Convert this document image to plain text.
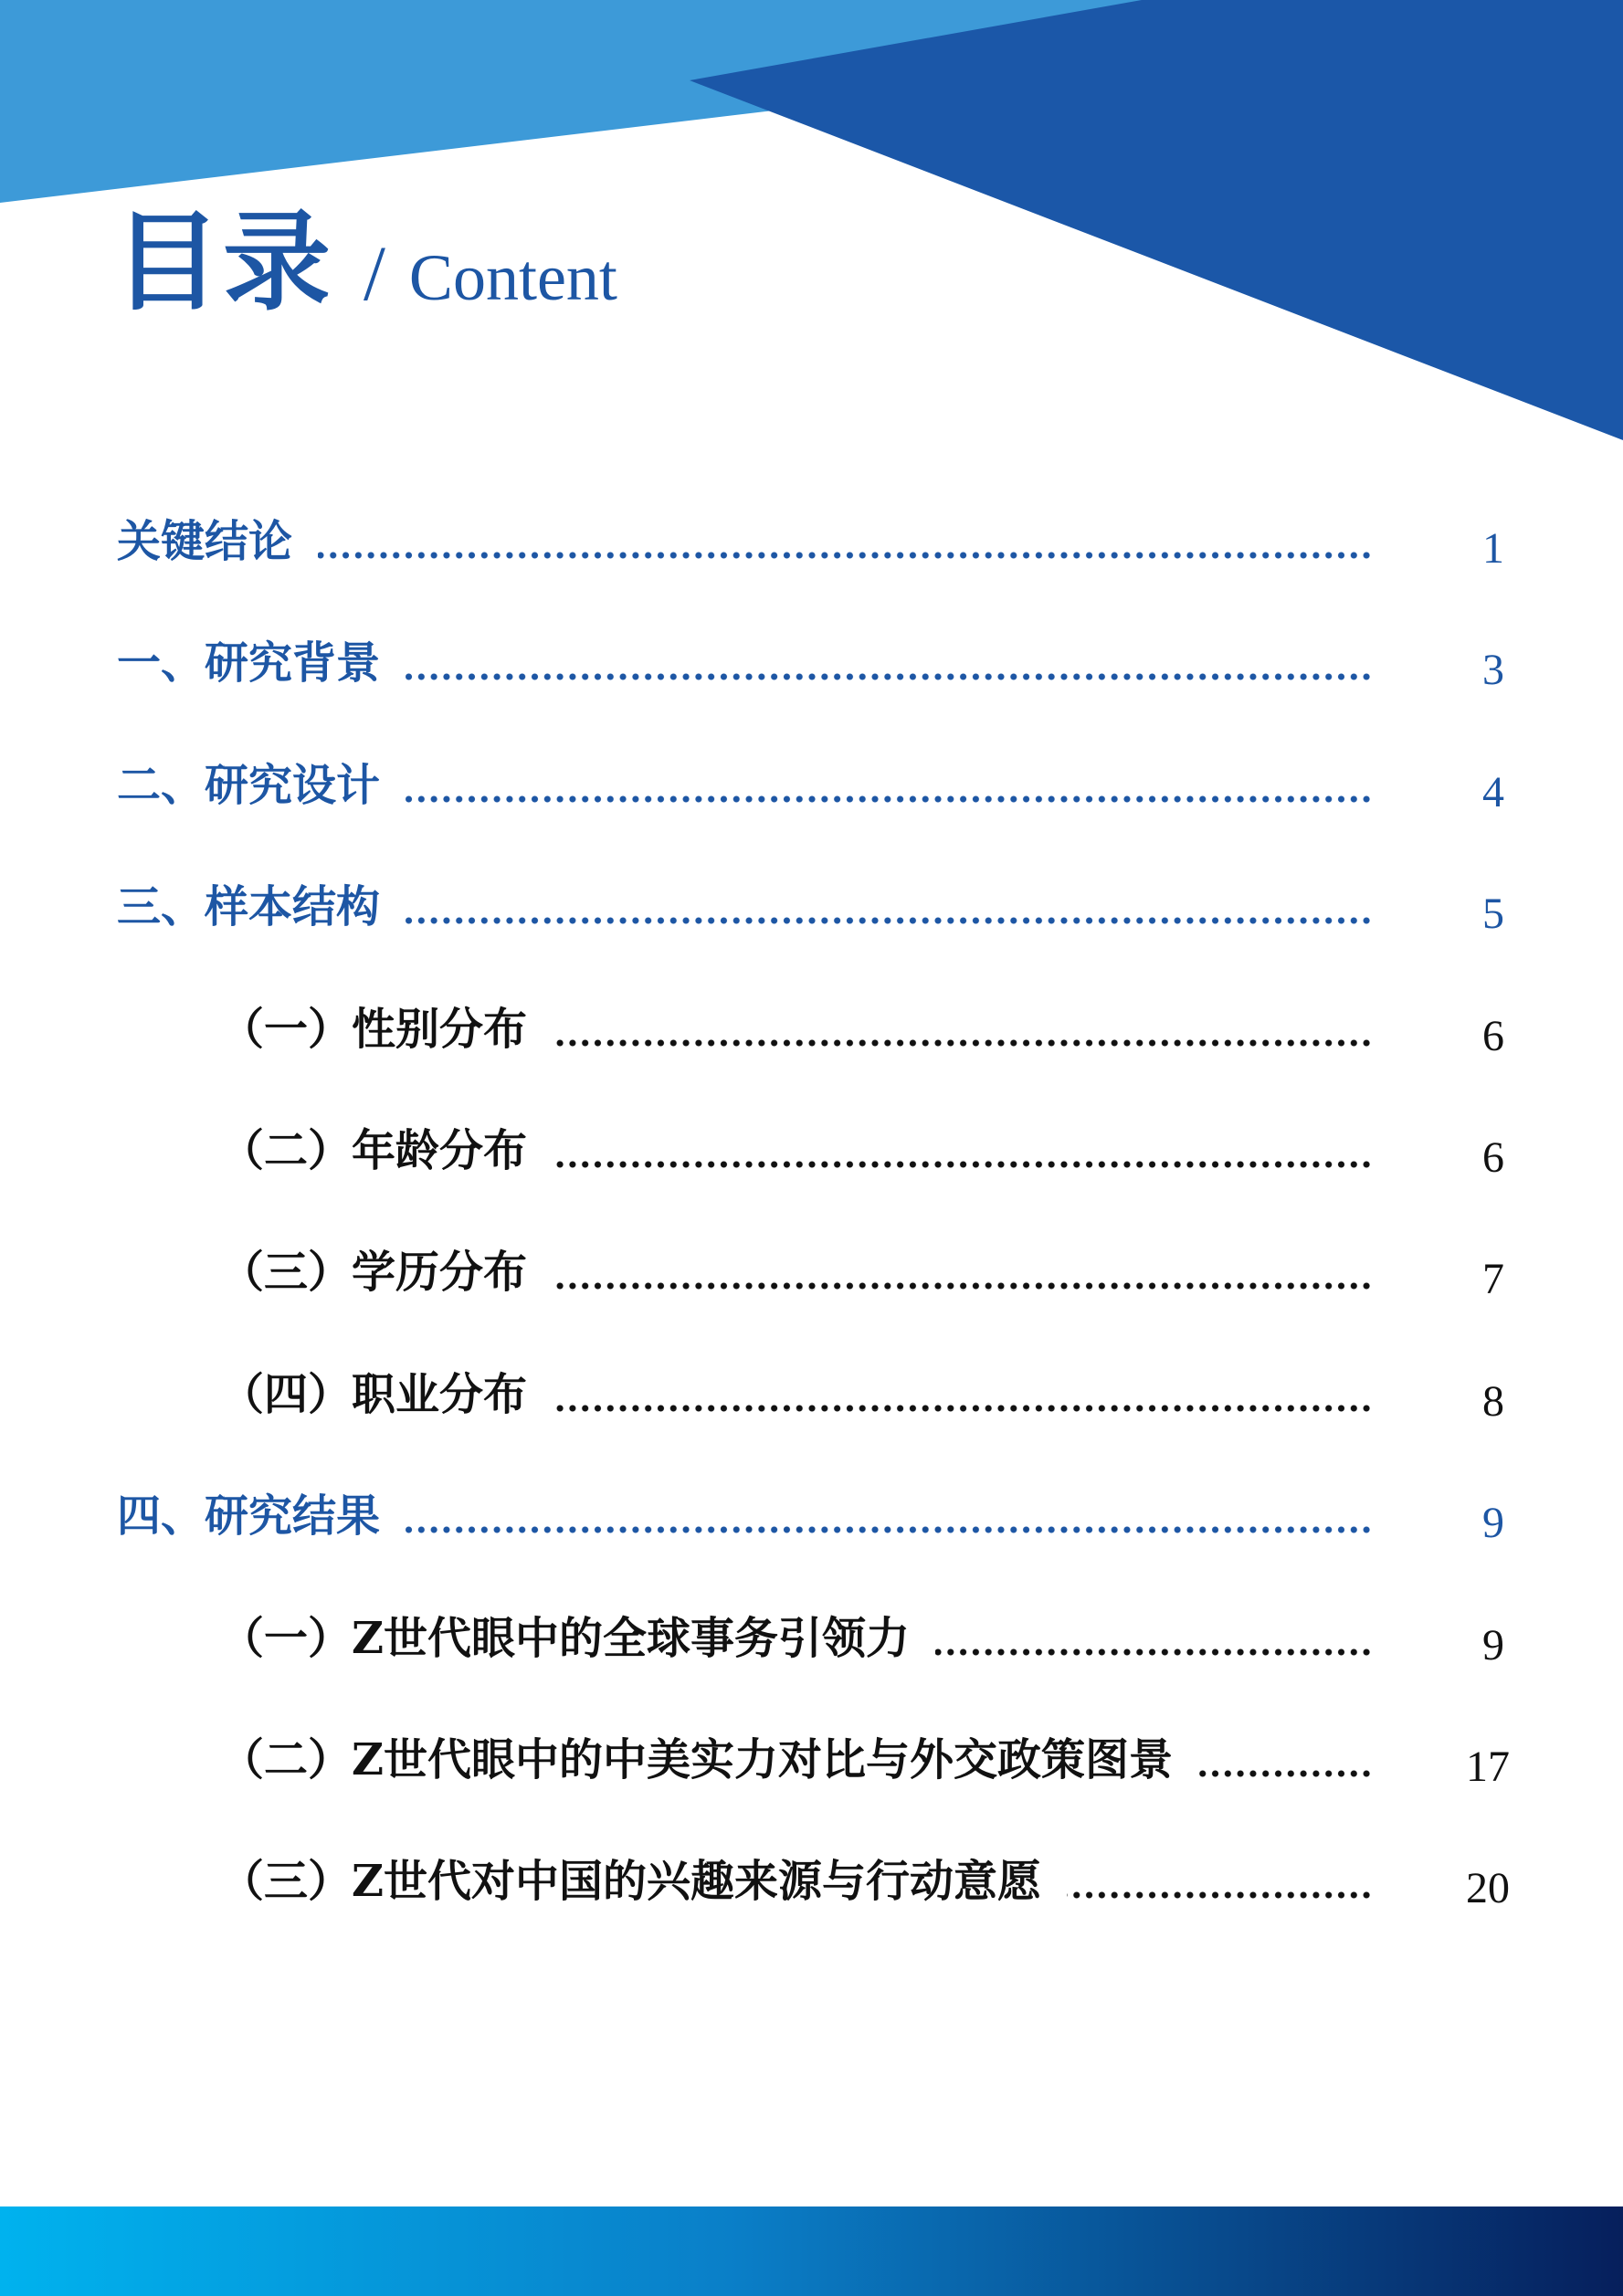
目录 / Content
关键结论	1
一、研究背景	3
二、研究设计	4
三、样本结构	5
（一）性别分布	6
（二）年龄分布	6
（三）学历分布	7
（四）职业分布	8
四、研究结果	9
（一）Z世代眼中的全球事务引领力	9
（二）Z世代眼中的中美实力对比与外交政策图景	17
（三）Z世代对中国的兴趣来源与行动意愿	20
